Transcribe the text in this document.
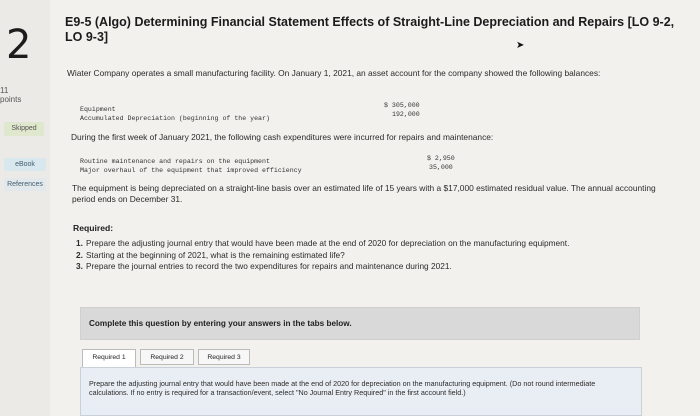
2
11
points
Skipped
eBook
References
E9-5 (Algo) Determining Financial Statement Effects of Straight-Line Depreciation and Repairs [LO 9-2, LO 9-3]
➤
Wiater Company operates a small manufacturing facility. On January 1, 2021, an asset account for the company showed the following balances:
Equipment
Accumulated Depreciation (beginning of the year)
$ 305,000
192,000
During the first week of January 2021, the following cash expenditures were incurred for repairs and maintenance:
Routine maintenance and repairs on the equipment
Major overhaul of the equipment that improved efficiency
$ 2,950
35,000
The equipment is being depreciated on a straight-line basis over an estimated life of 15 years with a $17,000 estimated residual value. The annual accounting period ends on December 31.
Required:
1. Prepare the adjusting journal entry that would have been made at the end of 2020 for depreciation on the manufacturing equipment.
2. Starting at the beginning of 2021, what is the remaining estimated life?
3. Prepare the journal entries to record the two expenditures for repairs and maintenance during 2021.
Complete this question by entering your answers in the tabs below.
Required 1	Required 2	Required 3
Prepare the adjusting journal entry that would have been made at the end of 2020 for depreciation on the manufacturing equipment. (Do not round intermediate calculations. If no entry is required for a transaction/event, select "No Journal Entry Required" in the first account field.)
